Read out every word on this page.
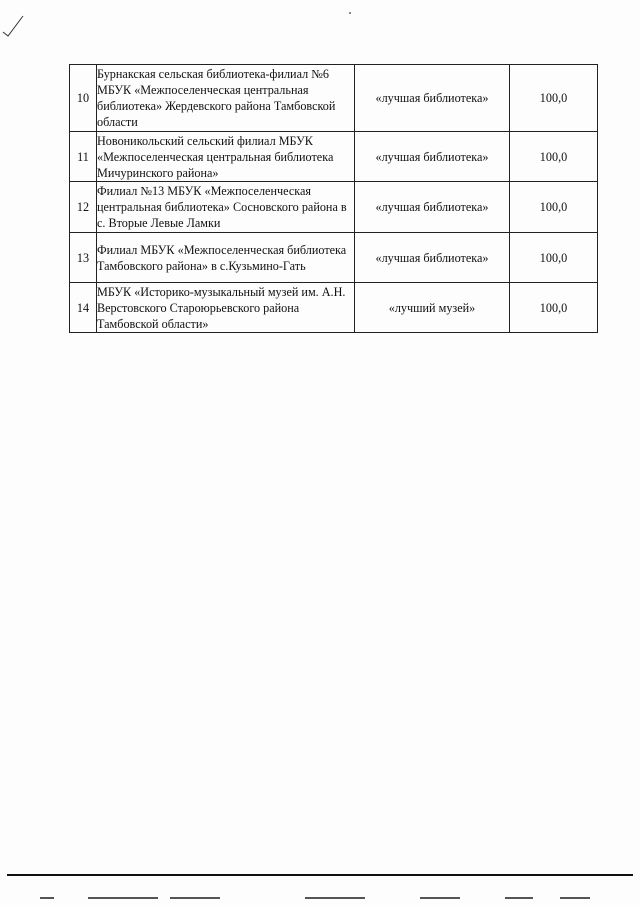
10	Бурнакская сельская библиотека-филиал №6 МБУК «Межпоселенческая центральная библиотека» Жердевского района Тамбовской области	«лучшая библиотека»	100,0
11	Новоникольский сельский филиал МБУК «Межпоселенческая центральная библиотека Мичуринского района»	«лучшая библиотека»	100,0
12	Филиал №13 МБУК «Межпоселенческая центральная библиотека» Сосновского района в с. Вторые Левые Ламки	«лучшая библиотека»	100,0
13	Филиал МБУК «Межпоселенческая библиотека Тамбовского района» в с.Кузьмино-Гать	«лучшая библиотека»	100,0
14	МБУК «Историко-музыкальный музей им. А.Н. Верстовского Староюрьевского района Тамбовской области»	«лучший музей»	100,0
